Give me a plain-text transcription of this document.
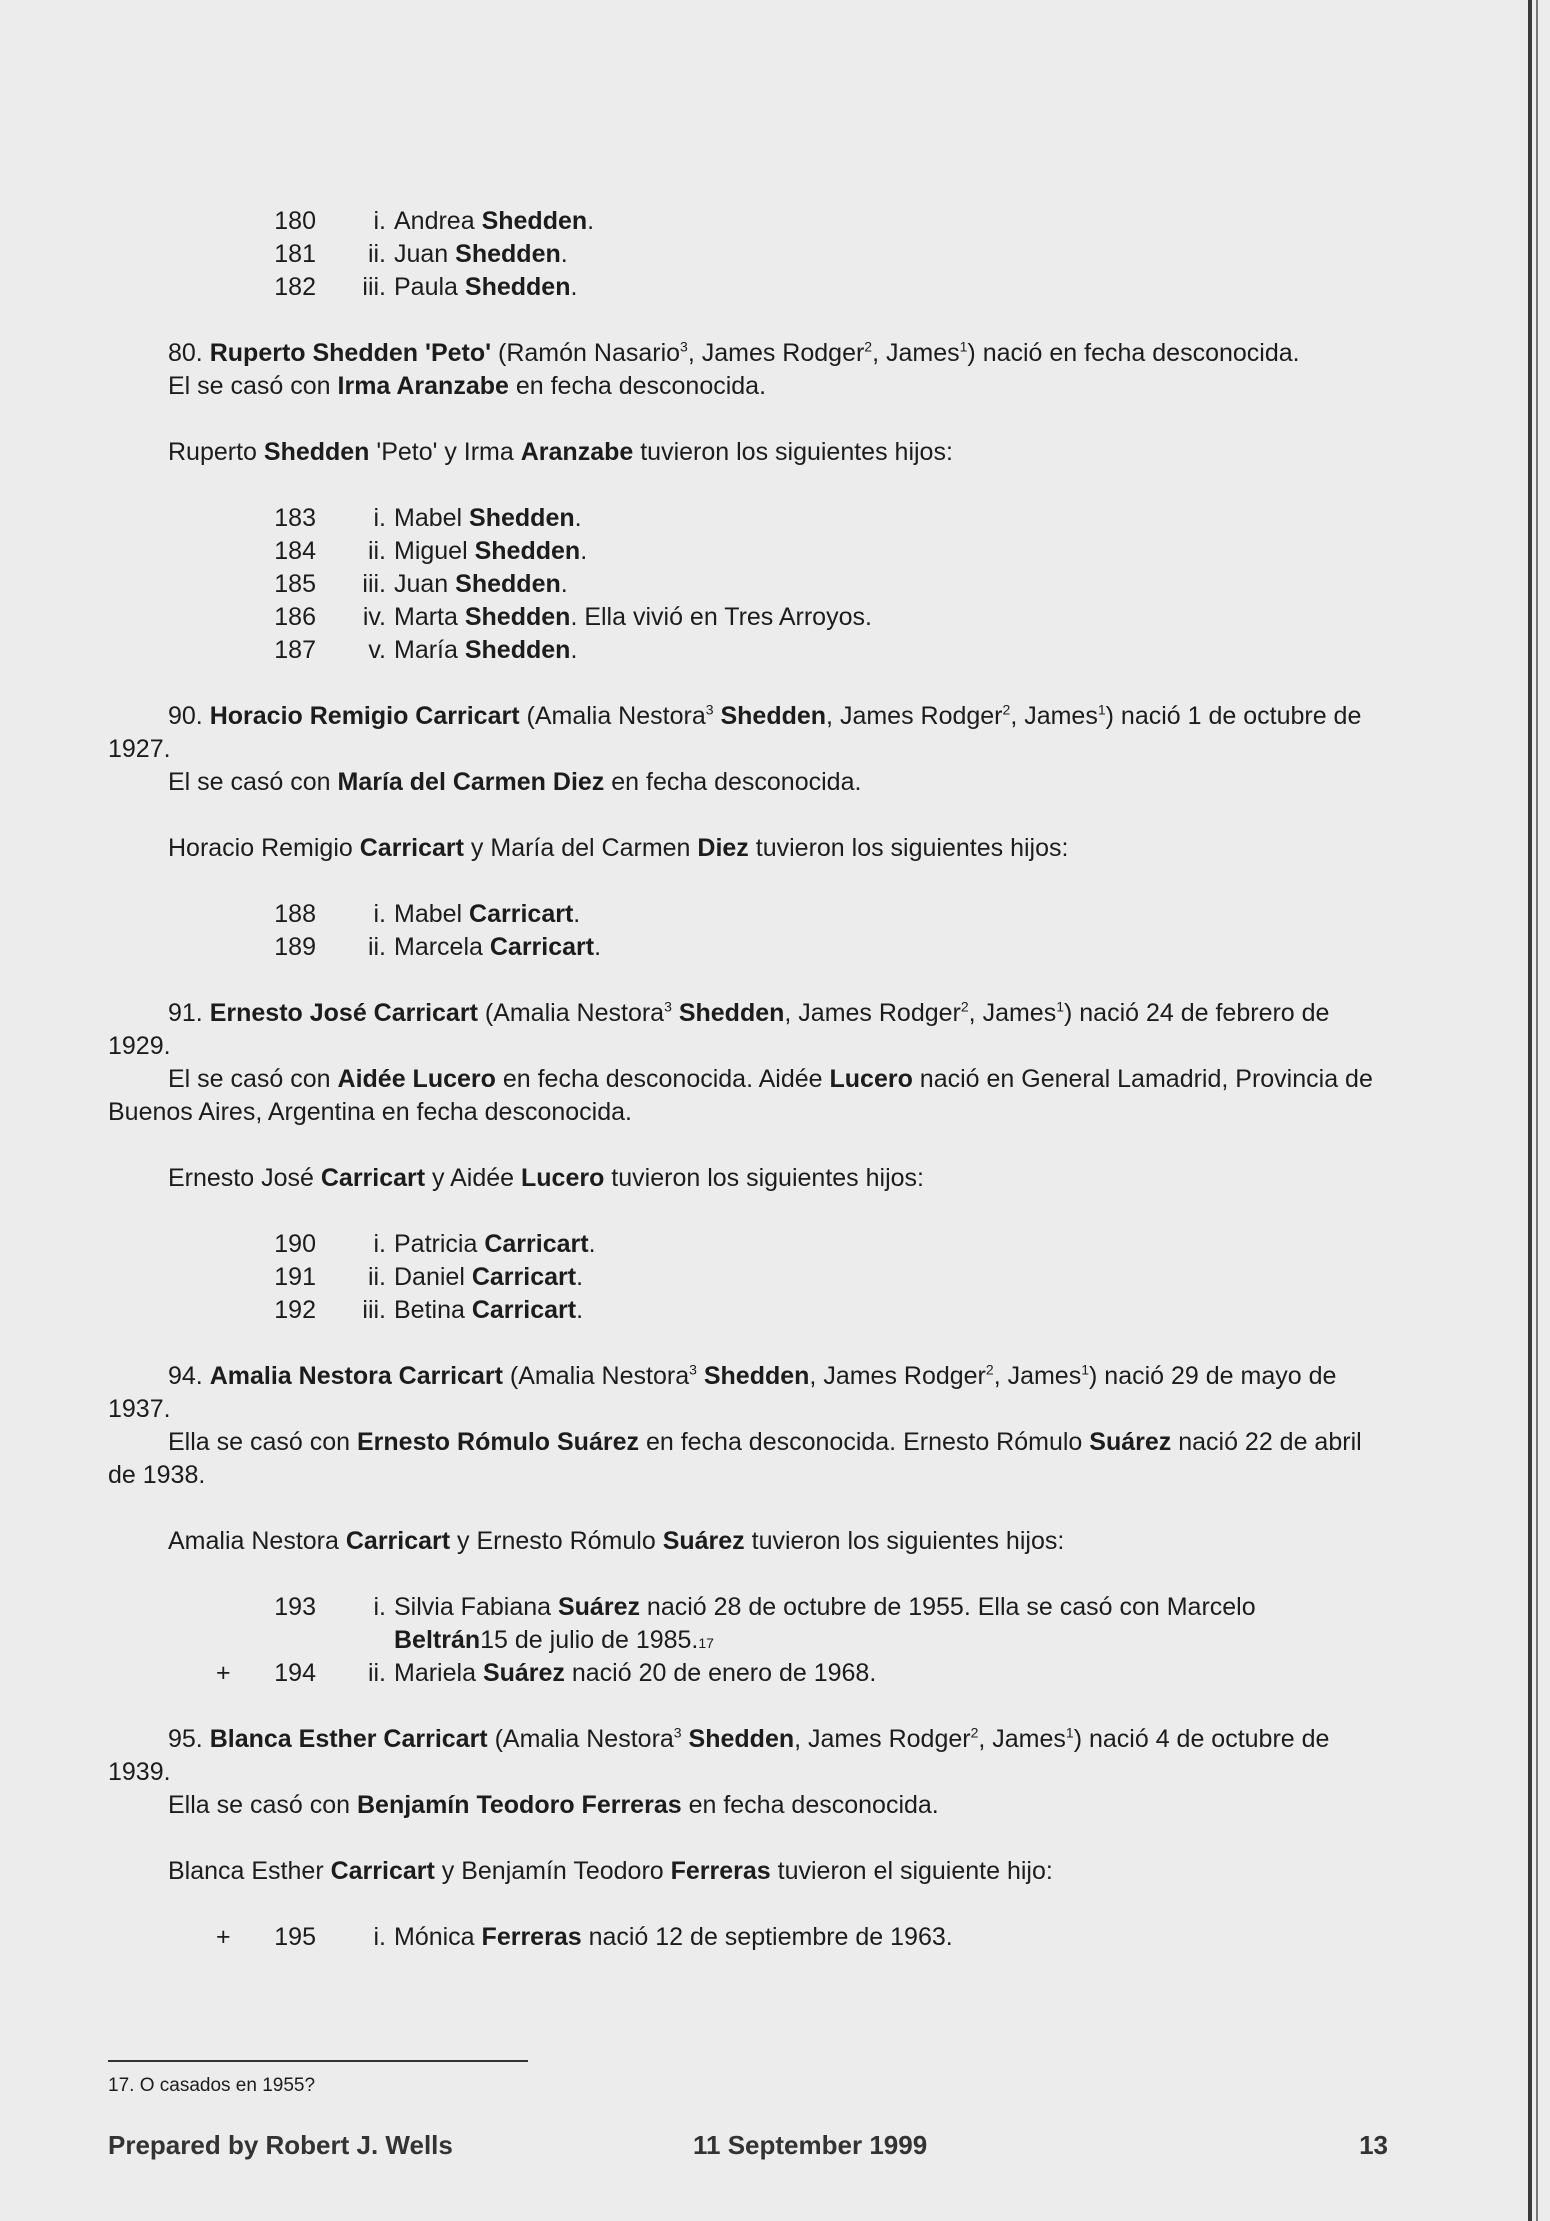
180	i. Andrea Shedden.
181	ii. Juan Shedden.
182	iii. Paula Shedden.

80. Ruperto Shedden 'Peto' (Ramón Nasario$^3$, James Rodger$^2$, James$^1$) nació en fecha desconocida.

El se casó con Irma Aranzabe en fecha desconocida.

Ruperto Shedden 'Peto' y Irma Aranzabe tuvieron los siguientes hijos:

183	i. Mabel Shedden.
184	ii. Miguel Shedden.
185	iii. Juan Shedden.
186	iv. Marta Shedden. Ella vivió en Tres Arroyos.
187	v. María Shedden.

90. Horacio Remigio Carricart (Amalia Nestora$^3$ Shedden, James Rodger$^2$, James$^1$) nació 1 de octubre de 1927.

El se casó con María del Carmen Diez en fecha desconocida.

Horacio Remigio Carricart y María del Carmen Diez tuvieron los siguientes hijos:

188	i. Mabel Carricart.
189	ii. Marcela Carricart.

91. Ernesto José Carricart (Amalia Nestora$^3$ Shedden, James Rodger$^2$, James$^1$) nació 24 de febrero de 1929.

El se casó con Aidée Lucero en fecha desconocida. Aidée Lucero nació en General Lamadrid, Provincia de Buenos Aires, Argentina en fecha desconocida.

Ernesto José Carricart y Aidée Lucero tuvieron los siguientes hijos:

190	i. Patricia Carricart.
191	ii. Daniel Carricart.
192	iii. Betina Carricart.

94. Amalia Nestora Carricart (Amalia Nestora$^3$ Shedden, James Rodger$^2$, James$^1$) nació 29 de mayo de 1937.

Ella se casó con Ernesto Rómulo Suárez en fecha desconocida. Ernesto Rómulo Suárez nació 22 de abril de 1938.

Amalia Nestora Carricart y Ernesto Rómulo Suárez tuvieron los siguientes hijos:

193	i. Silvia Fabiana Suárez nació 28 de octubre de 1955. Ella se casó con Marcelo
Beltrán 15 de julio de 1985. 17
+	194	ii. Mariela Suárez nació 20 de enero de 1968.

95. Blanca Esther Carricart (Amalia Nestora$^3$ Shedden, James Rodger$^2$, James$^1$) nació 4 de octubre de 1939.

Ella se casó con Benjamín Teodoro Ferreras en fecha desconocida.

Blanca Esther Carricart y Benjamín Teodoro Ferreras tuvieron el siguiente hijo:

+	195	i. Mónica Ferreras nació 12 de septiembre de 1963.
17. O casados en 1955?
Prepared by Robert J. Wells	11 September 1999	13
